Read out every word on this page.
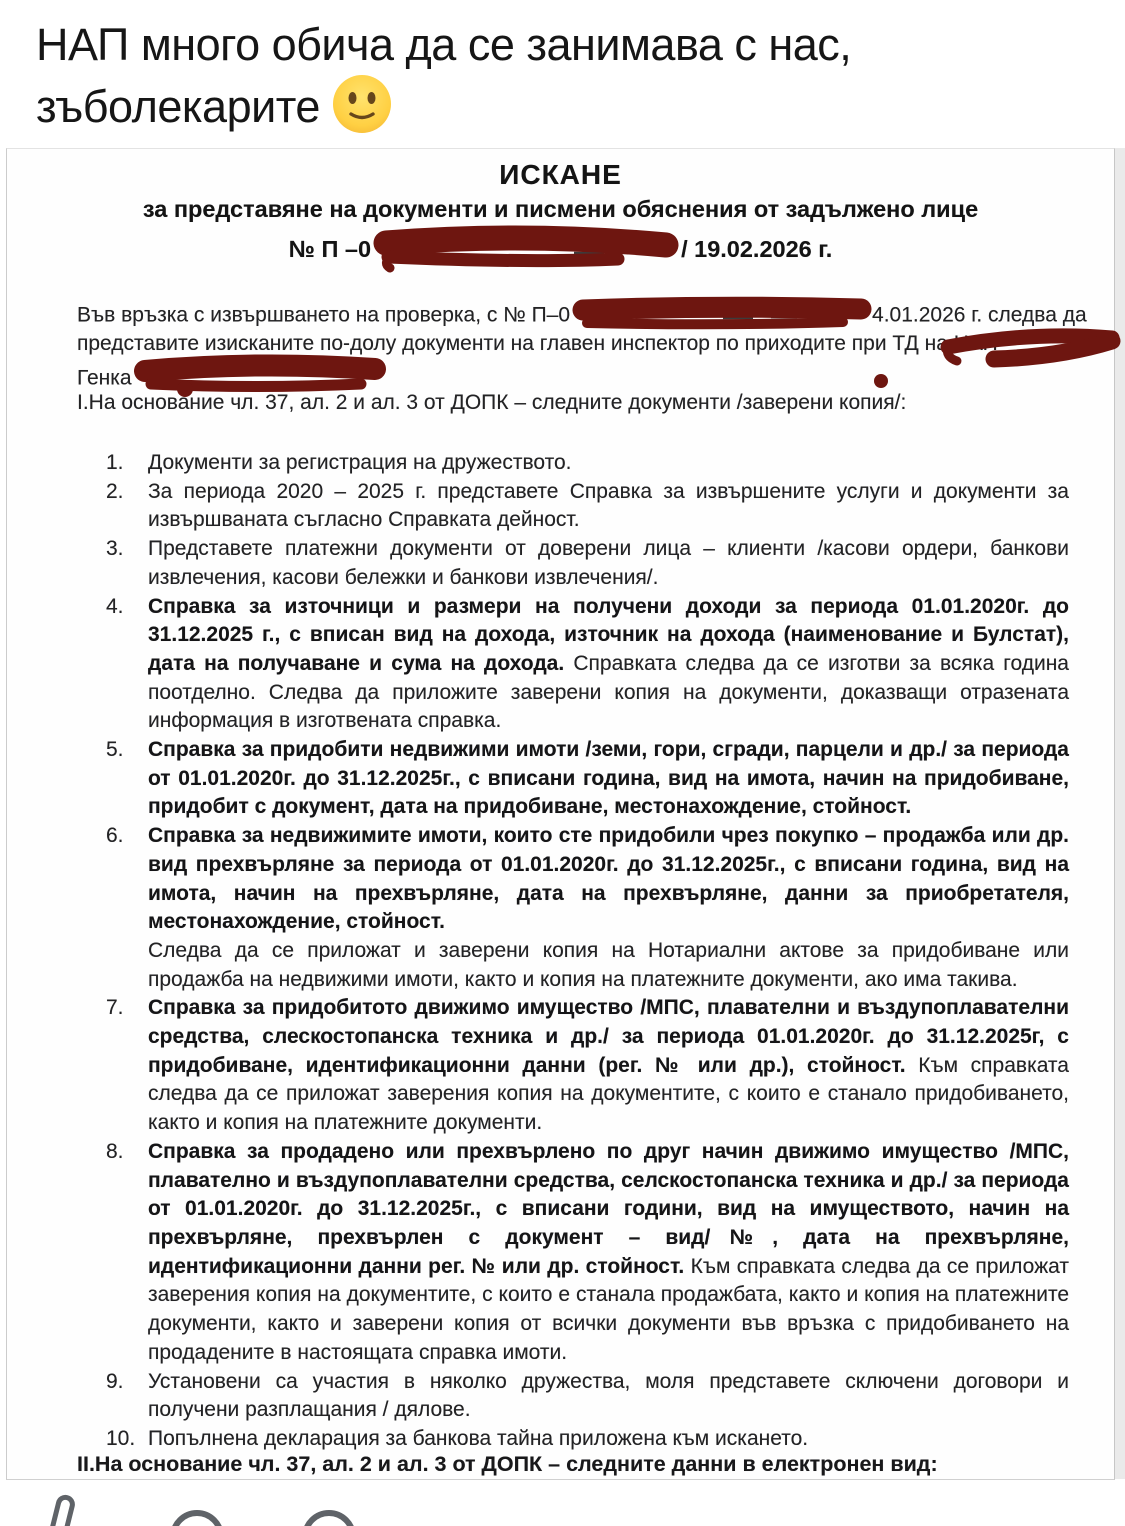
НАП много обича да се занимава с нас,
зъболекарите
ИСКАНЕ
за представяне на документи и писмени обяснения от задължено лице
№ П –0	/ 19.02.2026 г.
Във връзка с извършването на проверка, с № П–0	4.01.2026 г. следва да
представите изисканите по-долу документи на главен инспектор по приходите при ТД на НАП
Генка
I.На основание чл. 37, ал. 2 и ал. 3 от ДОПК – следните документи /заверени копия/:
1.	Документи за регистрация на дружеството.
2.	За периода 2020 – 2025 г. представете Справка за извършените услуги и документи за извършваната съгласно Справката дейност.
3.	Представете платежни документи от доверени лица – клиенти /касови ордери, банкови извлечения, касови бележки и банкови извлечения/.
4.	Справка за източници и размери на получени доходи за периода 01.01.2020г. до 31.12.2025 г., с вписан вид на дохода, източник на дохода (наименование и Булстат), дата на получаване и сума на дохода. Справката следва да се изготви за всяка година поотделно. Следва да приложите заверени копия на документи, доказващи отразената информация в изготвената справка.
5.	Справка за придобити недвижими имоти /земи, гори, сгради, парцели и др./ за периода от 01.01.2020г. до 31.12.2025г., с вписани година, вид на имота, начин на придобиване, придобит с документ, дата на придобиване, местонахождение, стойност.
6.	Справка за недвижимите имоти, които сте придобили чрез покупко – продажба или др. вид прехвърляне за периода от 01.01.2020г. до 31.12.2025г., с вписани година, вид на имота, начин на прехвърляне, дата на прехвърляне, данни за приобретателя, местонахождение, стойност.
Следва да се приложат и заверени копия на Нотариални актове за придобиване или продажба на недвижими имоти, както и копия на платежните документи, ако има такива.
7.	Справка за придобитото движимо имущество /МПС, плавателни и въздупоплавателни средства, слескостопанска техника и др./ за периода 01.01.2020г. до 31.12.2025г, с придобиване, идентификационни данни (рег. № или др.), стойност. Към справката следва да се приложат заверения копия на документите, с които е станало придобиването, както и копия на платежните документи.
8.	Справка за продадено или прехвърлено по друг начин движимо имущество /МПС, плавателно и въздупоплавателни средства, селскостопанска техника и др./ за периода от 01.01.2020г. до 31.12.2025г., с вписани години, вид на имуществото, начин на прехвърляне, прехвърлен с документ – вид/№, дата на прехвърляне, идентификационни данни рег. № или др. стойност. Към справката следва да се приложат заверения копия на документите, с които е станала продажбата, както и копия на платежните документи, както и заверени копия от всички документи във връзка с придобиването на продадените в настоящата справка имоти.
9.	Установени са участия в няколко дружества, моля представете сключени договори и получени разплащания / дялове.
10. Попълнена декларация за банкова тайна приложена към искането.
II.На основание чл. 37, ал. 2 и ал. 3 от ДОПК – следните данни в електронен вид:
